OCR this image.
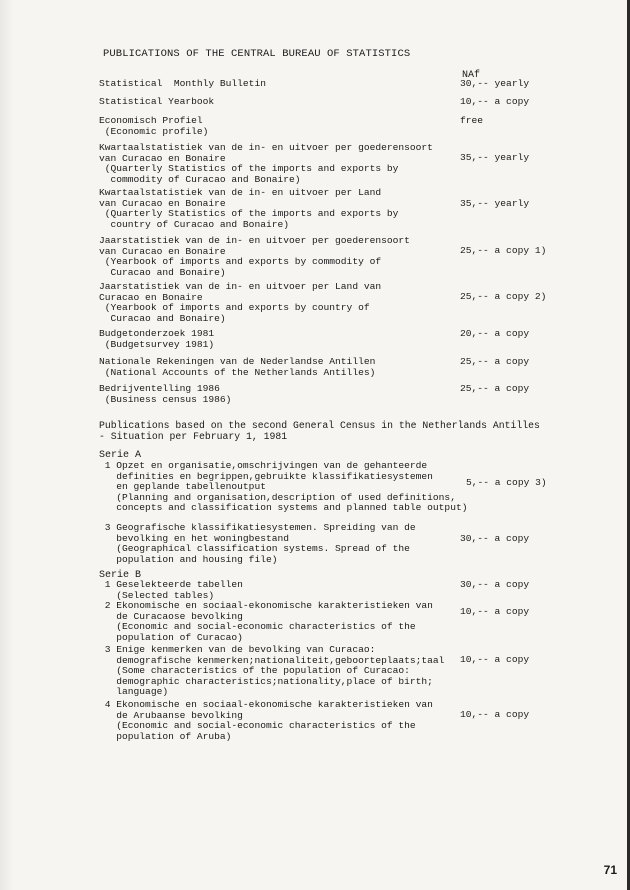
PUBLICATIONS OF THE CENTRAL BUREAU OF STATISTICS
NAf
Statistical  Monthly Bulletin	30,-- yearly
Statistical Yearbook	10,-- a copy
Economisch Profiel
(Economic profile)
free
Kwartaalstatistiek van de in- en uitvoer per goederensoort
van Curacao en Bonaire
(Quarterly Statistics of the imports and exports by
commodity of Curacao and Bonaire)
35,-- yearly
Kwartaalstatistiek van de in- en uitvoer per Land
van Curacao en Bonaire
(Quarterly Statistics of the imports and exports by
country of Curacao and Bonaire)
35,-- yearly
Jaarstatistiek van de in- en uitvoer per goederensoort
van Curacao en Bonaire
(Yearbook of imports and exports by commodity of
Curacao and Bonaire)
25,-- a copy 1)
Jaarstatistiek van de in- en uitvoer per Land van
Curacao en Bonaire
(Yearbook of imports and exports by country of
Curacao and Bonaire)
25,-- a copy 2)
Budgetonderzoek 1981
(Budgetsurvey 1981)
20,-- a copy
Nationale Rekeningen van de Nederlandse Antillen
(National Accounts of the Netherlands Antilles)
25,-- a copy
Bedrijventelling 1986
(Business census 1986)
25,-- a copy
Publications based on the second General Census in the Netherlands Antilles
- Situation per February 1, 1981
Serie A
1 Opzet en organisatie,omschrijvingen van de gehanteerde
definities en begrippen,gebruikte klassifikatiesystemen
en geplande tabellenoutput
(Planning and organisation,description of used definitions,
concepts and classification systems and planned table output)
5,-- a copy 3)
3 Geografische klassifikatiesystemen. Spreiding van de
bevolking en het woningbestand
(Geographical classification systems. Spread of the
population and housing file)
30,-- a copy
Serie B
1 Geselekteerde tabellen
(Selected tables)
30,-- a copy
2 Ekonomische en sociaal-ekonomische karakteristieken van
de Curacaose bevolking
(Economic and social-economic characteristics of the
population of Curacao)
10,-- a copy
3 Enige kenmerken van de bevolking van Curacao:
demografische kenmerken;nationaliteit,geboorteplaats;taal
(Some characteristics of the population of Curacao:
demographic characteristics;nationality,place of birth;
language)
10,-- a copy
4 Ekonomische en sociaal-ekonomische karakteristieken van
de Arubaanse bevolking
(Economic and social-economic characteristics of the
population of Aruba)
10,-- a copy
71
